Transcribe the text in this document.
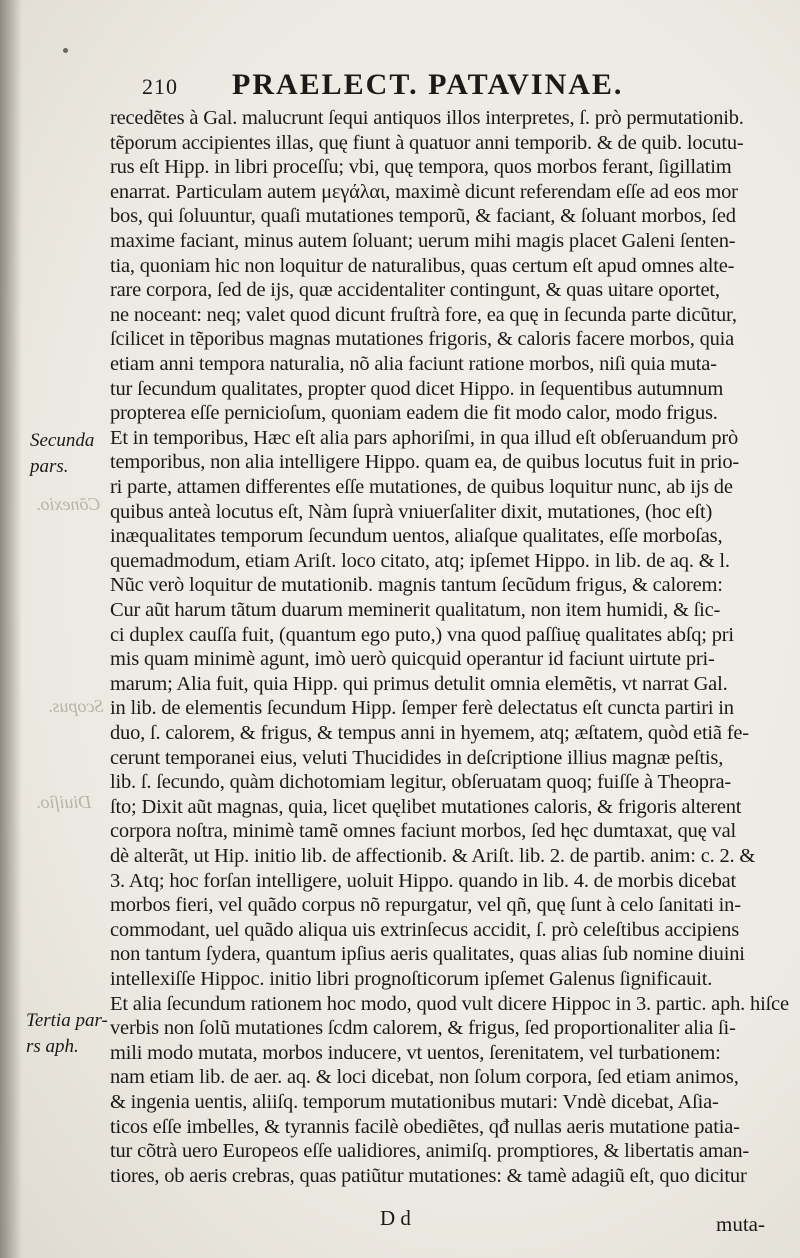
210 PRAELECT. PATAVINAE.
Cõnexio.
Scopus.
Diuiſio.
Secunda
pars.
Tertia par-
rs aph.
recedẽtes à Gal. malucrunt ſequi antiquos illos interpretes, ſ. prò permutationib.
tẽporum accipientes illas, quę fiunt à quatuor anni temporib. & de quib. locutu-
rus eſt Hipp. in libri proceſſu; vbi, quę tempora, quos morbos ferant, ſigillatim
enarrat. Particulam autem μεγάλαι, maximè dicunt referendam eſſe ad eos mor
bos, qui ſoluuntur, quaſi mutationes temporũ, & faciant, & ſoluant morbos, ſed
maxime faciant, minus autem ſoluant; uerum mihi magis placet Galeni ſenten-
tia, quoniam hic non loquitur de naturalibus, quas certum eſt apud omnes alte-
rare corpora, ſed de ijs, quæ accidentaliter contingunt, & quas uitare oportet,
ne noceant: neq; valet quod dicunt fruſtrà fore, ea quę in ſecunda parte dicũtur,
ſcilicet in tẽporibus magnas mutationes frigoris, & caloris facere morbos, quia
etiam anni tempora naturalia, nõ alia faciunt ratione morbos, niſi quia muta-
tur ſecundum qualitates, propter quod dicet Hippo. in ſequentibus autumnum
propterea eſſe pernicioſum, quoniam eadem die fit modo calor, modo frigus.
Et in temporibus, Hæc eſt alia pars aphoriſmi, in qua illud eſt obſeruandum prò
temporibus, non alia intelligere Hippo. quam ea, de quibus locutus fuit in prio-
ri parte, attamen differentes eſſe mutationes, de quibus loquitur nunc, ab ijs de
quibus anteà locutus eſt, Nàm ſuprà vniuerſaliter dixit, mutationes, (hoc eſt)
inæqualitates temporum ſecundum uentos, aliaſque qualitates, eſſe morboſas,
quemadmodum, etiam Ariſt. loco citato, atq; ipſemet Hippo. in lib. de aq. & l.
Nũc verò loquitur de mutationib. magnis tantum ſecũdum frigus, & calorem:
Cur aũt harum tãtum duarum meminerit qualitatum, non item humidi, & ſic-
ci duplex cauſſa fuit, (quantum ego puto,) vna quod paſſiuę qualitates abſq; pri
mis quam minimè agunt, imò uerò quicquid operantur id faciunt uirtute pri-
marum; Alia fuit, quia Hipp. qui primus detulit omnia elemẽtis, vt narrat Gal.
in lib. de elementis ſecundum Hipp. ſemper ferè delectatus eſt cuncta partiri in
duo, ſ. calorem, & frigus, & tempus anni in hyemem, atq; æſtatem, quòd etiã fe-
cerunt temporanei eius, veluti Thucidides in deſcriptione illius magnæ peſtis,
lib. ſ. ſecundo, quàm dichotomiam legitur, obſeruatam quoq; fuiſſe à Theopra-
ſto; Dixit aũt magnas, quia, licet quęlibet mutationes caloris, & frigoris alterent
corpora noſtra, minimè tamẽ omnes faciunt morbos, ſed hęc dumtaxat, quę val
dè alterãt, ut Hip. initio lib. de affectionib. & Ariſt. lib. 2. de partib. anim: c. 2. &
3. Atq; hoc forſan intelligere, uoluit Hippo. quando in lib. 4. de morbis dicebat
morbos fieri, vel quãdo corpus nõ repurgatur, vel qñ, quę ſunt à celo ſanitati in-
commodant, uel quãdo aliqua uis extrinſecus accidit, ſ. prò celeſtibus accipiens
non tantum ſydera, quantum ipſius aeris qualitates, quas alias ſub nomine diuini
intellexiſſe Hippoc. initio libri prognoſticorum ipſemet Galenus ſignificauit.
Et alia ſecundum rationem hoc modo, quod vult dicere Hippoc in 3. partic. aph. hiſce
verbis non ſolũ mutationes ſcdm calorem, & frigus, ſed proportionaliter alia ſi-
mili modo mutata, morbos inducere, vt uentos, ſerenitatem, vel turbationem:
nam etiam lib. de aer. aq. & loci dicebat, non ſolum corpora, ſed etiam animos,
& ingenia uentis, aliiſq. temporum mutationibus mutari: Vndè dicebat, Aſia-
ticos eſſe imbelles, & tyrannis facilè obediẽtes, qđ nullas aeris mutatione patia-
tur cõtrà uero Europeos eſſe ualidiores, animiſq. promptiores, & libertatis aman-
tiores, ob aeris crebras, quas patiũtur mutationes: & tamè adagiũ eſt, quo dicitur
D d	muta-
